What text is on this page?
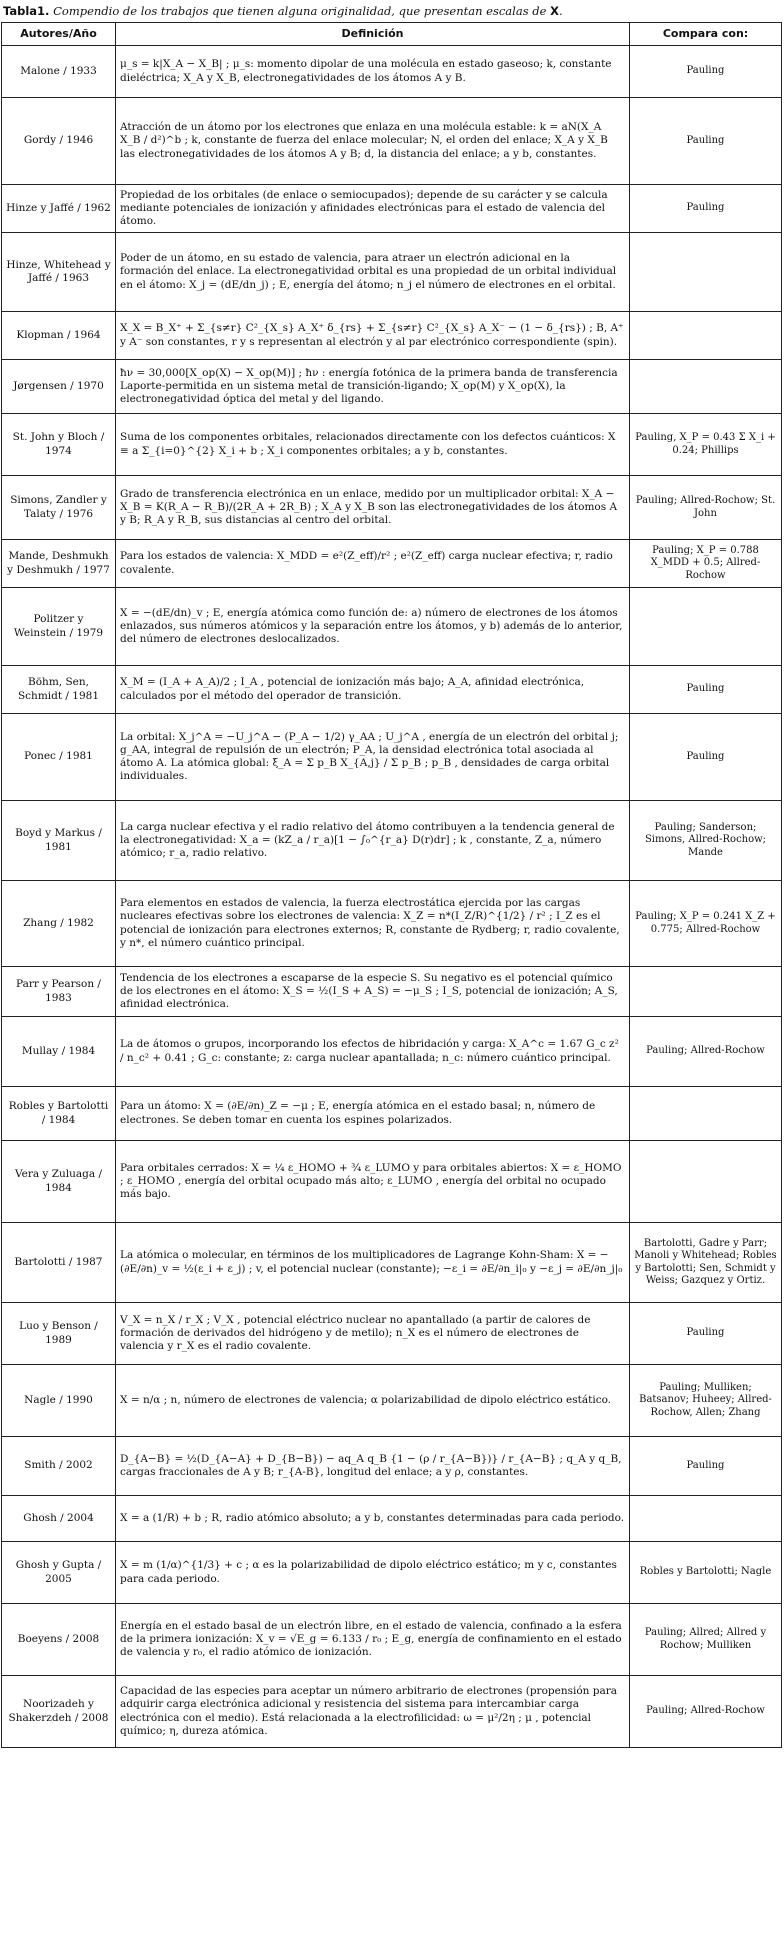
Tabla1. Compendio de los trabajos que tienen alguna originalidad, que presentan escalas de X.
Autores/Año	Definición	Compara con:
Malone / 1933	μ_s = k|X_A − X_B| ; μ_s: momento dipolar de una molécula en estado gaseoso; k, constante dieléctrica; X_A y X_B, electronegatividades de los átomos A y B.	Pauling
Gordy / 1946	Atracción de un átomo por los electrones que enlaza en una molécula estable: k = aN(X_A X_B / d²)^b ; k, constante de fuerza del enlace molecular; N, el orden del enlace; X_A y X_B las electronegatividades de los átomos A y B; d, la distancia del enlace; a y b, constantes.	Pauling
Hinze y Jaffé / 1962	Propiedad de los orbitales (de enlace o semiocupados); depende de su carácter y se calcula mediante potenciales de ionización y afinidades electrónicas para el estado de valencia del átomo.	Pauling
Hinze, Whitehead y Jaffé / 1963	Poder de un átomo, en su estado de valencia, para atraer un electrón adicional en la formación del enlace. La electronegatividad orbital es una propiedad de un orbital individual en el átomo: X_j = (dE/dn_j) ; E, energía del átomo; n_j el número de electrones en el orbital.	
Klopman / 1964	X_X = B_X⁺ + Σ_{s≠r} C²_{X_s} A_X⁺ δ_{rs} + Σ_{s≠r} C²_{X_s} A_X⁻ − (1 − δ_{rs}) ; B, A⁺ y A⁻ son constantes, r y s representan al electrón y al par electrónico correspondiente (spin).	
Jørgensen / 1970	ħν = 30,000[X_op(X) − X_op(M)] ; ħν : energía fotónica de la primera banda de transferencia Laporte-permitida en un sistema metal de transición-ligando; X_op(M) y X_op(X), la electronegatividad óptica del metal y del ligando.	
St. John y Bloch / 1974	Suma de los componentes orbitales, relacionados directamente con los defectos cuánticos: X ≡ a Σ_{i=0}^{2} X_i + b ; X_i componentes orbitales; a y b, constantes.	Pauling, X_P = 0.43 Σ X_i + 0.24; Phillips
Simons, Zandler y Talaty / 1976	Grado de transferencia electrónica en un enlace, medido por un multiplicador orbital: X_A − X_B = K(R_A − R_B)/(2R_A + 2R_B) ; X_A y X_B son las electronegatividades de los átomos A y B; R_A y R_B, sus distancias al centro del orbital.	Pauling; Allred-Rochow; St. John
Mande, Deshmukh y Deshmukh / 1977	Para los estados de valencia: X_MDD = e²(Z_eff)/r² ; e²(Z_eff) carga nuclear efectiva; r, radio covalente.	Pauling; X_P = 0.788 X_MDD + 0.5; Allred-Rochow
Politzer y Weinstein / 1979	X = −(dE/dn)_v ; E, energía atómica como función de: a) número de electrones de los átomos enlazados, sus números atómicos y la separación entre los átomos, y b) además de lo anterior, del número de electrones deslocalizados.	
Böhm, Sen, Schmidt / 1981	X_M = (I_A + A_A)/2 ; I_A , potencial de ionización más bajo; A_A, afinidad electrónica, calculados por el método del operador de transición.	Pauling
Ponec / 1981	La orbital: X_j^A = −U_j^A − (P_A − 1/2) γ_AA ; U_j^A , energía de un electrón del orbital j; g_AA, integral de repulsión de un electrón; P_A, la densidad electrónica total asociada al átomo A. La atómica global: ξ_A = Σ p_B X_{A,j} / Σ p_B ; p_B , densidades de carga orbital individuales.	Pauling
Boyd y Markus / 1981	La carga nuclear efectiva y el radio relativo del átomo contribuyen a la tendencia general de la electronegatividad: X_a = (kZ_a / r_a)[1 − ∫₀^{r_a} D(r)dr] ; k , constante, Z_a, número atómico; r_a, radio relativo.	Pauling; Sanderson; Simons, Allred-Rochow; Mande
Zhang / 1982	Para elementos en estados de valencia, la fuerza electrostática ejercida por las cargas nucleares efectivas sobre los electrones de valencia: X_Z = n*(I_Z/R)^{1/2} / r² ; I_Z es el potencial de ionización para electrones externos; R, constante de Rydberg; r, radio covalente, y n*, el número cuántico principal.	Pauling; X_P = 0.241 X_Z + 0.775; Allred-Rochow
Parr y Pearson / 1983	Tendencia de los electrones a escaparse de la especie S. Su negativo es el potencial químico de los electrones en el átomo: X_S = ½(I_S + A_S) = −μ_S ; I_S, potencial de ionización; A_S, afinidad electrónica.	
Mullay / 1984	La de átomos o grupos, incorporando los efectos de hibridación y carga: X_A^c = 1.67 G_c z² / n_c² + 0.41 ; G_c: constante; z: carga nuclear apantallada; n_c: número cuántico principal.	Pauling; Allred-Rochow
Robles y Bartolotti / 1984	Para un átomo: X = (∂E/∂n)_Z = −μ ; E, energía atómica en el estado basal; n, número de electrones. Se deben tomar en cuenta los espines polarizados.	
Vera y Zuluaga / 1984	Para orbitales cerrados: X = ¼ ε_HOMO + ¾ ε_LUMO y para orbitales abiertos: X = ε_HOMO ; ε_HOMO , energía del orbital ocupado más alto; ε_LUMO , energía del orbital no ocupado más bajo.	
Bartolotti / 1987	La atómica o molecular, en términos de los multiplicadores de Lagrange Kohn-Sham: X = −(∂E/∂n)_v = ½(ε_i + ε_j) ; v, el potencial nuclear (constante); −ε_i = ∂E/∂n_i|₀ y −ε_j = ∂E/∂n_j|₀	Bartolotti, Gadre y Parr; Manoli y Whitehead; Robles y Bartolotti; Sen, Schmidt y Weiss; Gazquez y Ortiz.
Luo y Benson / 1989	V_X = n_X / r_X ; V_X , potencial eléctrico nuclear no apantallado (a partir de calores de formación de derivados del hidrógeno y de metilo); n_X es el número de electrones de valencia y r_X es el radio covalente.	Pauling
Nagle / 1990	X = n/α ; n, número de electrones de valencia; α polarizabilidad de dipolo eléctrico estático.	Pauling; Mulliken; Batsanov; Huheey; Allred-Rochow, Allen; Zhang
Smith / 2002	D_{A−B} = ½(D_{A−A} + D_{B−B}) − aq_A q_B {1 − (ρ / r_{A−B})} / r_{A−B} ; q_A y q_B, cargas fraccionales de A y B; r_{A-B}, longitud del enlace; a y ρ, constantes.	Pauling
Ghosh / 2004	X = a (1/R) + b ; R, radio atómico absoluto; a y b, constantes determinadas para cada periodo.	
Ghosh y Gupta / 2005	X = m (1/α)^{1/3} + c ; α es la polarizabilidad de dipolo eléctrico estático; m y c, constantes para cada periodo.	Robles y Bartolotti; Nagle
Boeyens / 2008	Energía en el estado basal de un electrón libre, en el estado de valencia, confinado a la esfera de la primera ionización: X_v = √E_g = 6.133 / r₀ ; E_g, energía de confinamiento en el estado de valencia y r₀, el radio atómico de ionización.	Pauling; Allred; Allred y Rochow; Mulliken
Noorizadeh y Shakerzdeh / 2008	Capacidad de las especies para aceptar un número arbitrario de electrones (propensión para adquirir carga electrónica adicional y resistencia del sistema para intercambiar carga electrónica con el medio). Está relacionada a la electrofilicidad: ω = μ²/2η ; μ , potencial químico; η, dureza atómica.	Pauling; Allred-Rochow
